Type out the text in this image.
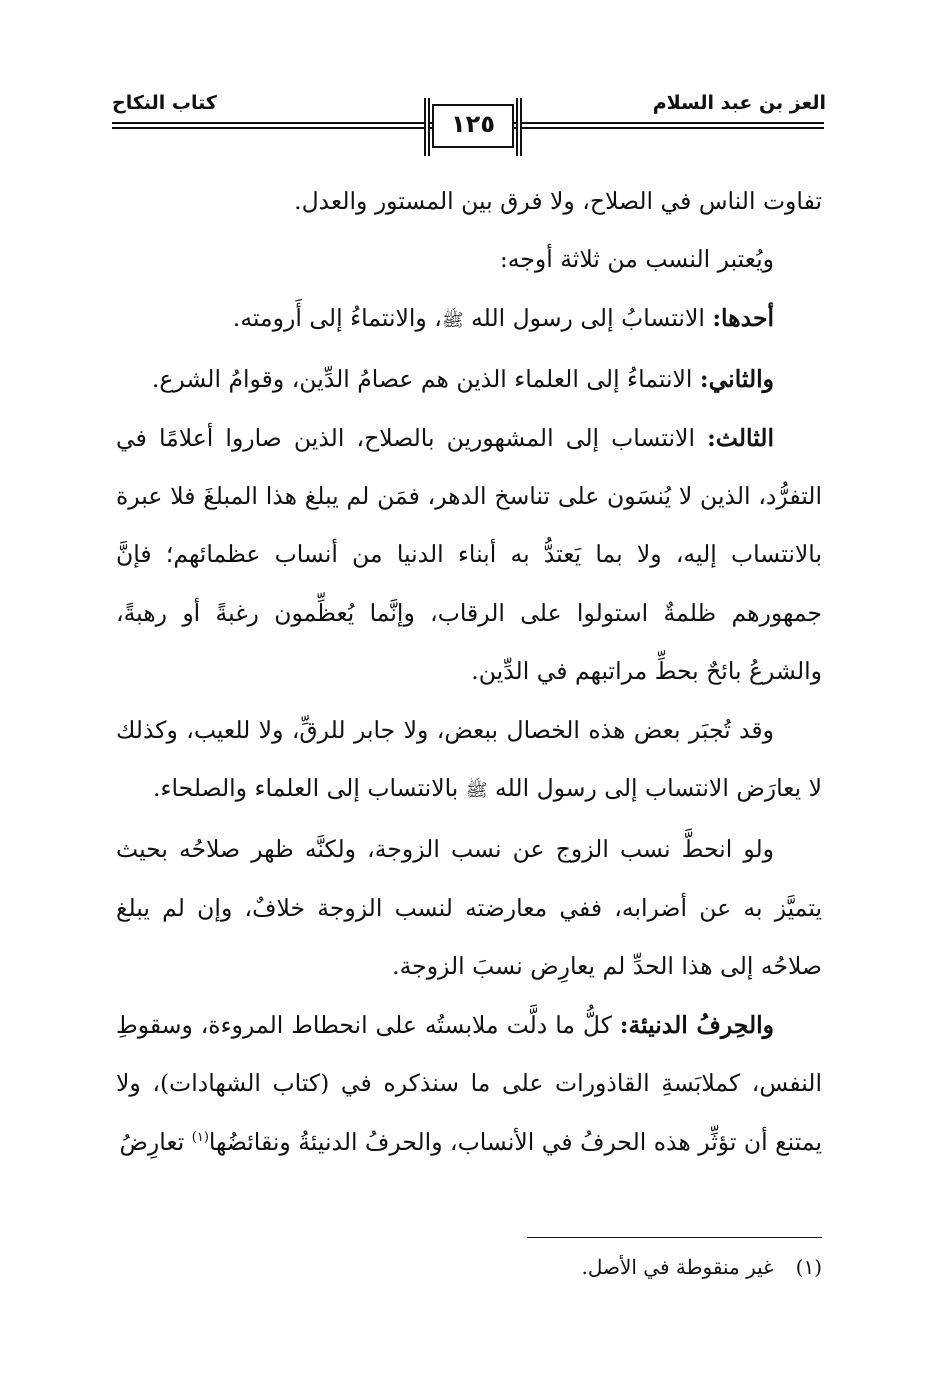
العز بن عبد السلام
كتاب النكاح
١٢٥

تفاوت الناس في الصلاح، ولا فرق بين المستور والعدل.

ويُعتبر النسب من ثلاثة أوجه:

أحدها: الانتسابُ إلى رسول الله ﷺ، والانتماءُ إلى أَرومته.

والثاني: الانتماءُ إلى العلماء الذين هم عصامُ الدِّين، وقوامُ الشرع.

الثالث: الانتساب إلى المشهورين بالصلاح، الذين صاروا أعلامًا في التفرُّد، الذين لا يُنسَون على تناسخ الدهر، فمَن لم يبلغ هذا المبلغَ فلا عبرة بالانتساب إليه، ولا بما يَعتدُّ به أبناء الدنيا من أنساب عظمائهم؛ فإنَّ جمهورهم ظلمةٌ استولوا على الرقاب، وإنَّما يُعظِّمون رغبةً أو رهبةً، والشرعُ بائحٌ بحطِّ مراتبهم في الدِّين.

وقد تُجبَر بعض هذه الخصال ببعض، ولا جابر للرقِّ، ولا للعيب، وكذلك لا يعارَض الانتساب إلى رسول الله ﷺ بالانتساب إلى العلماء والصلحاء.

ولو انحطَّ نسب الزوج عن نسب الزوجة، ولكنَّه ظهر صلاحُه بحيث يتميَّز به عن أضرابه، ففي معارضته لنسب الزوجة خلافٌ، وإن لم يبلغ صلاحُه إلى هذا الحدِّ لم يعارِض نسبَ الزوجة.

والحِرفُ الدنيئة: كلُّ ما دلَّت ملابستُه على انحطاط المروءة، وسقوطِ النفس، كملابَسةِ القاذورات على ما سنذكره في (كتاب الشهادات)، ولا يمتنع أن تؤثِّر هذه الحرفُ في الأنساب، والحرفُ الدنيئةُ ونقائضُها$^{(١)}$ تعارِضُ

(١)غير منقوطة في الأصل.
